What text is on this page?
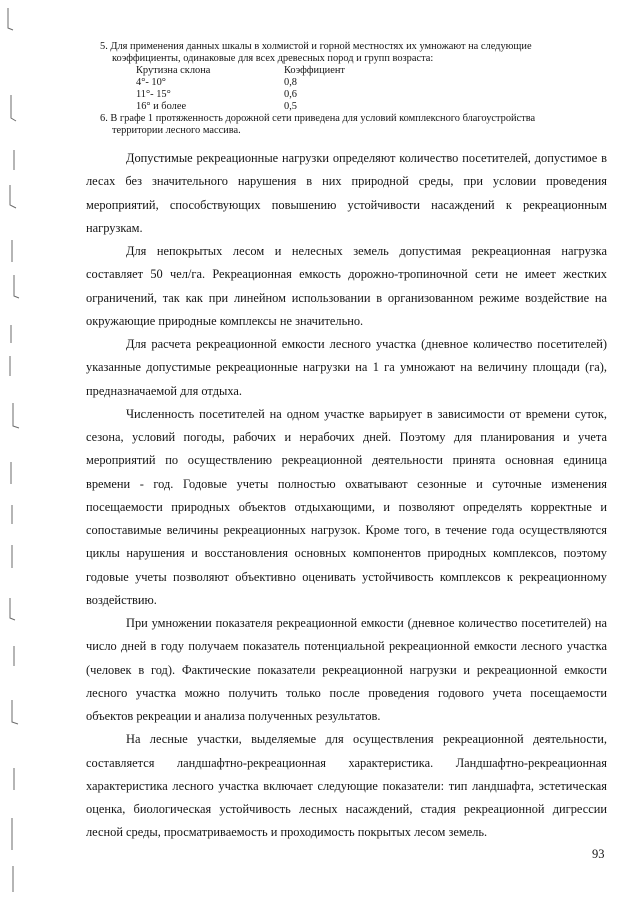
5. Для применения данных шкалы в холмистой и горной местностях их умножают на следующие
коэффициенты, одинаковые для всех древесных пород и групп возраста:
Крутизна склона	Коэффициент
4°- 10°	0,8
11°- 15°	0,6
16° и более	0,5
6. В графе 1 протяженность дорожной сети приведена для условий комплексного благоустройства
территории лесного массива.

Допустимые рекреационные нагрузки определяют количество посетителей, допустимое в лесах без значительного нарушения в них природной среды, при условии проведения мероприятий, способствующих повышению устойчивости насаждений к рекреационным нагрузкам.

Для непокрытых лесом и нелесных земель допустимая рекреационная нагрузка составляет 50 чел/га. Рекреационная емкость дорожно-тропиночной сети не имеет жестких ограничений, так как при линейном использовании в организованном режиме воздействие на окружающие природные комплексы не значительно.

Для расчета рекреационной емкости лесного участка (дневное количество посетителей) указанные допустимые рекреационные нагрузки на 1 га умножают на величину площади (га), предназначаемой для отдыха.

Численность посетителей на одном участке варьирует в зависимости от времени суток, сезона, условий погоды, рабочих и нерабочих дней. Поэтому для планирования и учета мероприятий по осуществлению рекреационной деятельности принята основная единица времени - год. Годовые учеты полностью охватывают сезонные и суточные изменения посещаемости природных объектов отдыхающими, и позволяют определять корректные и сопоставимые величины рекреационных нагрузок. Кроме того, в течение года осуществляются циклы нарушения и восстановления основных компонентов природных комплексов, поэтому годовые учеты позволяют объективно оценивать устойчивость комплексов к рекреационному воздействию.

При умножении показателя рекреационной емкости (дневное количество посетителей) на число дней в году получаем показатель потенциальной рекреационной емкости лесного участка (человек в год). Фактические показатели рекреационной нагрузки и рекреационной емкости лесного участка можно получить только после проведения годового учета посещаемости объектов рекреации и анализа полученных результатов.

На лесные участки, выделяемые для осуществления рекреационной деятельности, составляется ландшафтно-рекреационная характеристика. Ландшафтно-рекреационная характеристика лесного участка включает следующие показатели: тип ландшафта, эстетическая оценка, биологическая устойчивость лесных насаждений, стадия рекреационной дигрессии лесной среды, просматриваемость и проходимость покрытых лесом земель.

93
